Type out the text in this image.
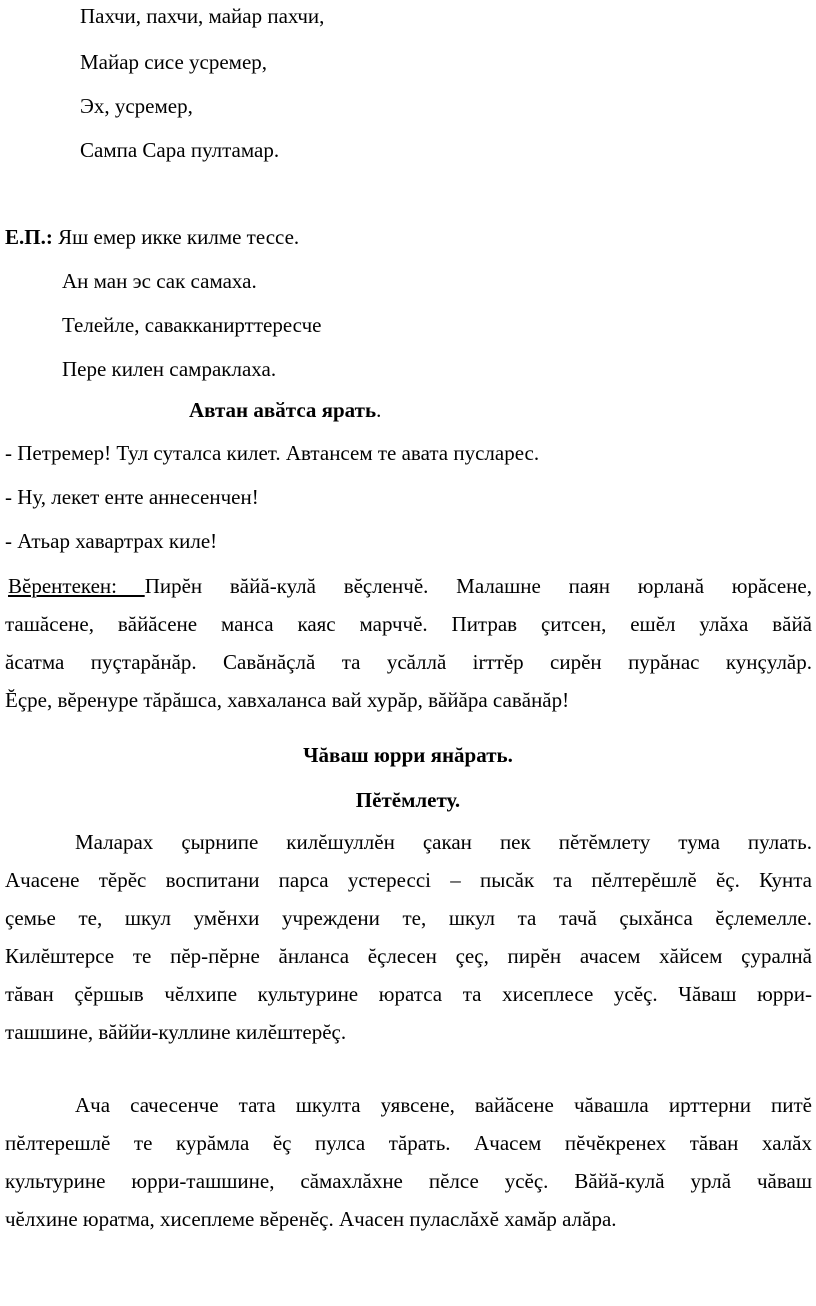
Пахчи, пахчи, майар пахчи,
Майар сисе усремер,
Эх, усремер,
Сампа Сара пултамар.
Е.П.: Яш емер икке килме тессе.
Ан ман эс сак самаха.
Телейле, савакканирттересче
Пере килен самраклаха.
Автан авӑтса ярать.
- Петремер! Тул суталса килет. Автансем те авата пусларес.
- Ну, лекет енте аннесенчен!
- Атьар хавартрах киле!
Вĕрентекен: Пирĕн вăйă-кулă вĕçленчĕ. Малашне паян юрланă юрăсене,
ташăсене, вăйăсене манса каяс марччĕ. Питрав çитсен, ешĕл улăха вăйă
ăсатма пуçтарăнăр. Савăнăçлă та усăллă irттĕр сирĕн пурăнас кунçулăр.
Ĕçре, вĕренуре тăрăшса, хавхаланса вай хурăр, вăйăра савăнăр!
Чăваш юрри янăрать.
Пĕтĕмлету.
Маларах çырнипе килĕшуллĕн çакан пек пĕтĕмлету тума пулать.
Ачасене тĕрĕс воспитани парса устерессi – пысăк та пĕлтерĕшлĕ ĕç. Кунта
çемье те, шкул умĕнхи учреждени те, шкул та тачă çыхăнса ĕçлемелле.
Килĕштерсе те пĕр-пĕрне ăнланса ĕçлесен çеç, пирĕн ачасем хăйсем çуралнă
тăван çĕршыв чĕлхипе культурине юратса та хисеплесе усĕç. Чăваш юрри-
ташшине, вăййи-куллине килĕштерĕç.
Ача сачесенче тата шкулта уявсене, вайăсене чăвашла ирттерни питĕ
пĕлтерешлĕ те курăмла ĕç пулса тăрать. Ачасем пĕчĕкренех тăван халăх
культурине юрри-ташшине, сăмахлăхне пĕлсе усĕç. Вăйă-кулă урлă чăваш
чĕлхине юратма, хисеплеме вĕренĕç. Ачасен пуласлăхĕ хамăр алăра.
